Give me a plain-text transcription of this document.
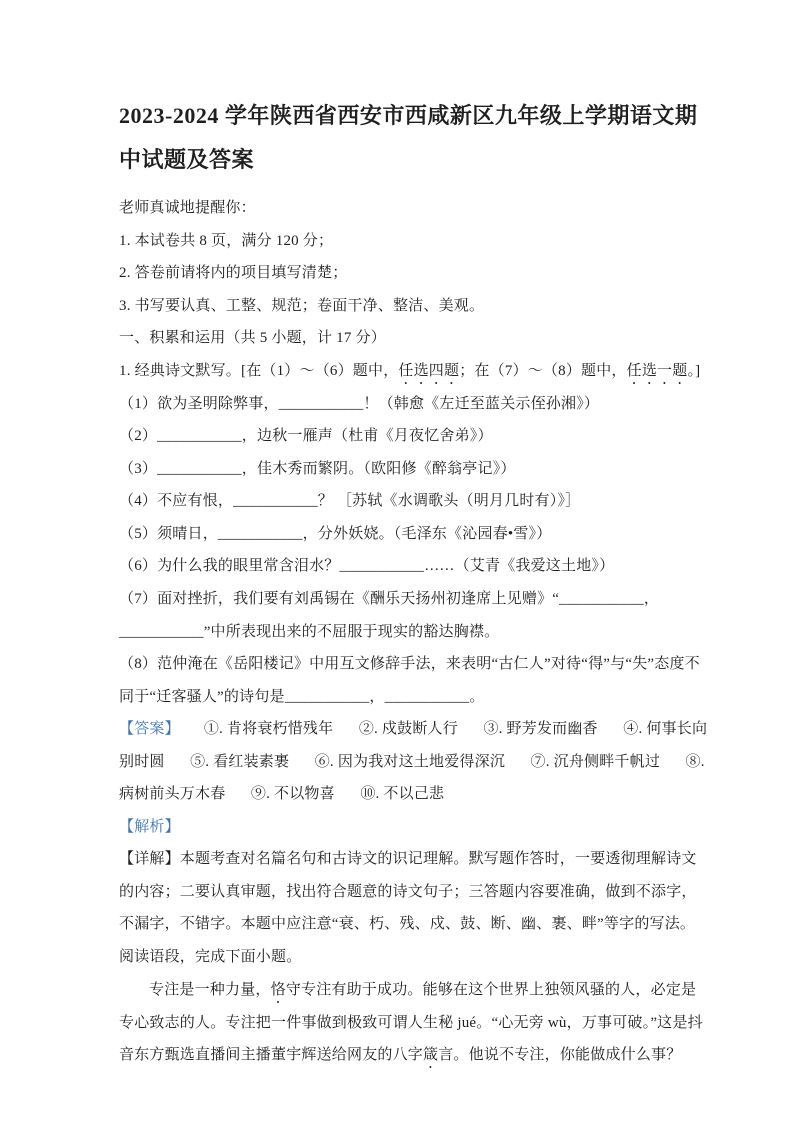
2023-2024 学年陕西省西安市西咸新区九年级上学期语文期中试题及答案

老师真诚地提醒你：

1. 本试卷共 8 页，满分 120 分；

2. 答卷前请将内的项目填写清楚；

3. 书写要认真、工整、规范；卷面干净、整洁、美观。

一、积累和运用（共 5 小题，计 17 分）

1. 经典诗文默写。[在（1）～（6）题中，任选四题；在（7）～（8）题中，任选一题。]

（1）欲为圣明除弊事，___________！（韩愈《左迁至蓝关示侄孙湘》）

（2）___________，边秋一雁声（杜甫《月夜忆舍弟》）

（3）___________，佳木秀而繁阴。（欧阳修《醉翁亭记》）

（4）不应有恨，___________？ ［苏轼《水调歌头（明月几时有）》］

（5）须晴日，___________，分外妖娆。（毛泽东《沁园春•雪》）

（6）为什么我的眼里常含泪水？___________……（艾青《我爱这土地》）

（7）面对挫折，我们要有刘禹锡在《酬乐天扬州初逢席上见赠》“___________，___________”中所表现出来的不屈服于现实的豁达胸襟。

（8）范仲淹在《岳阳楼记》中用互文修辞手法，来表明“古仁人”对待“得”与“失”态度不同于“迁客骚人”的诗句是___________，___________。

【答案】 ①. 肯将衰朽惜残年 ②. 戍鼓断人行 ③. 野芳发而幽香 ④. 何事长向别时圆 ⑤. 看红装素裹 ⑥. 因为我对这土地爱得深沉 ⑦. 沉舟侧畔千帆过 ⑧. 病树前头万木春 ⑨. 不以物喜 ⑩. 不以己悲

【解析】

【详解】本题考查对名篇名句和古诗文的识记理解。默写题作答时，一要透彻理解诗文的内容；二要认真审题，找出符合题意的诗文句子；三答题内容要准确，做到不添字，不漏字，不错字。本题中应注意“衰、朽、残、戍、鼓、断、幽、裹、畔”等字的写法。

阅读语段，完成下面小题。

专注是一种力量，恪守专注有助于成功。能够在这个世界上独领风骚的人，必定是专心致志的人。专注把一件事做到极致可谓人生秘 jué。“心无旁 wù，万事可破。”这是抖音东方甄选直播间主播董宇辉送给网友的八字箴言。他说不专注，你能做成什么事？
